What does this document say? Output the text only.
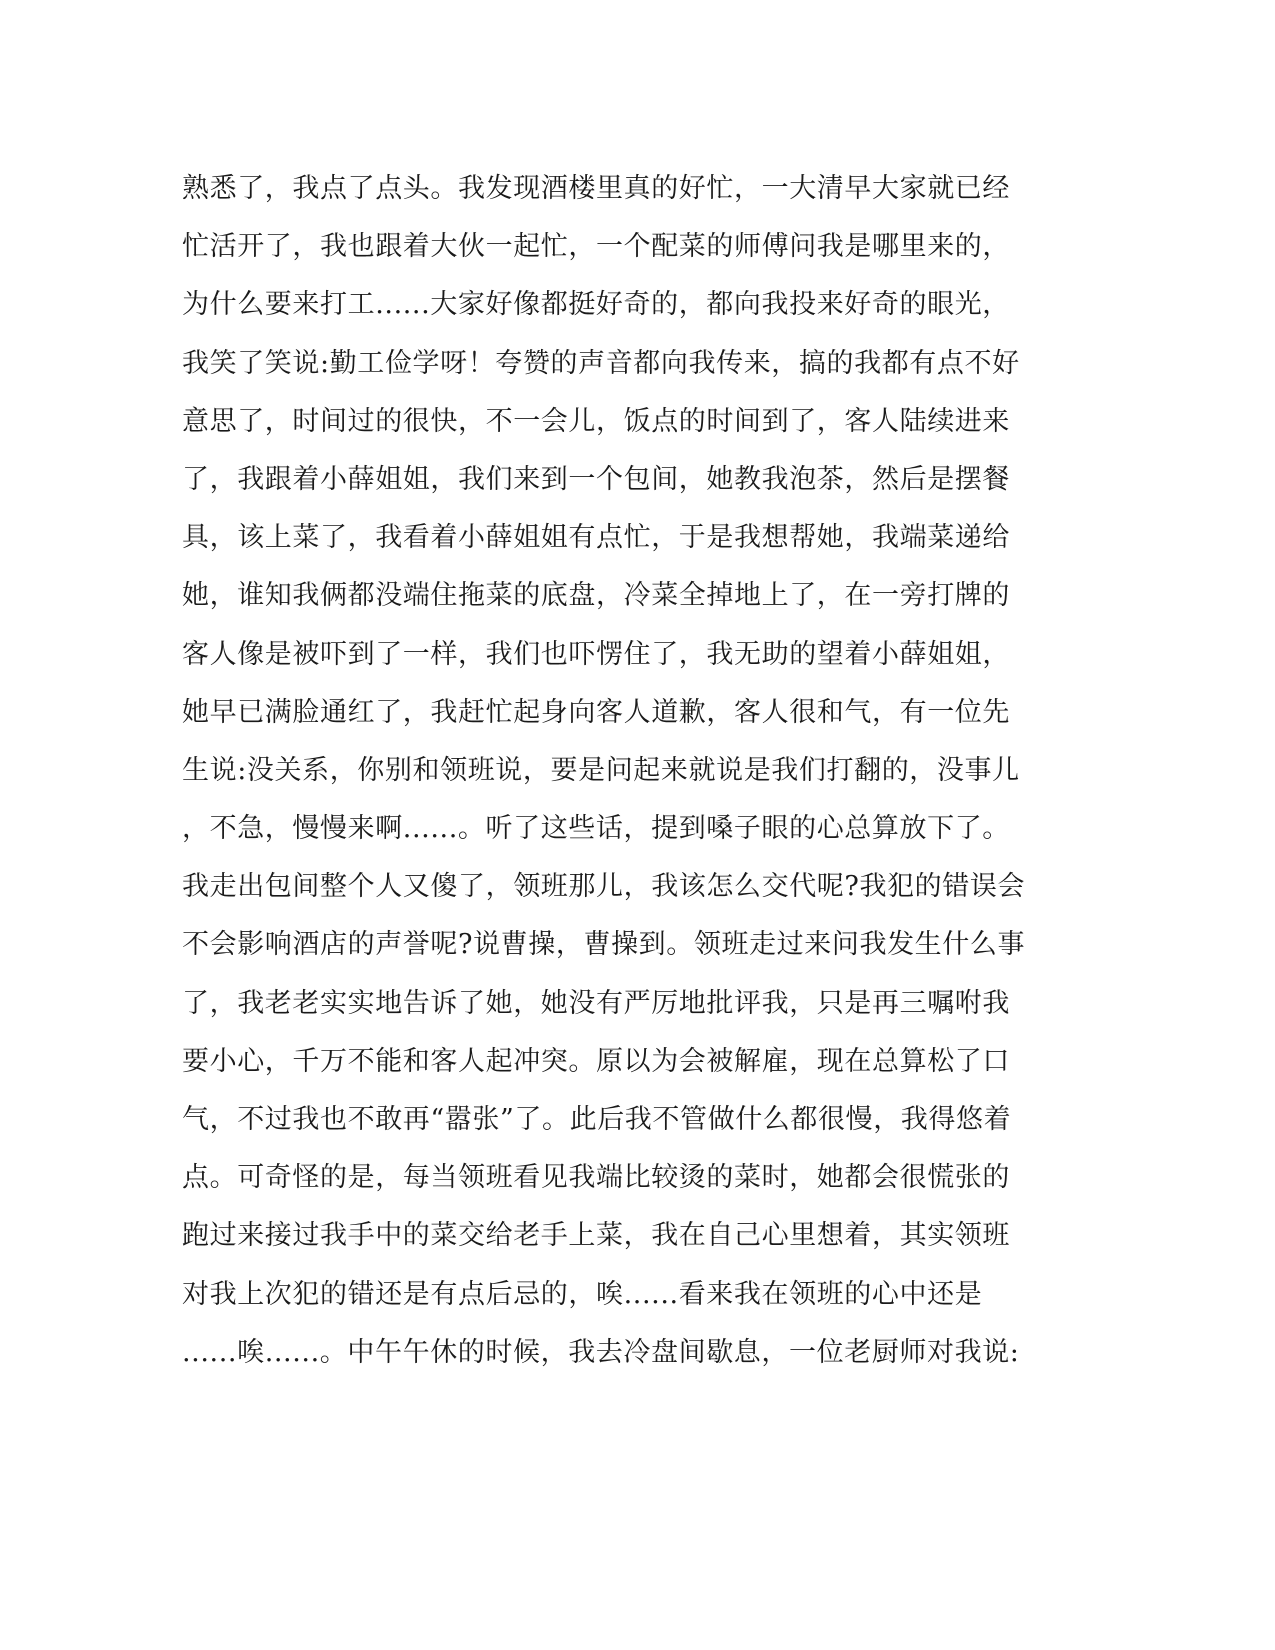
熟悉了，我点了点头。我发现酒楼里真的好忙，一大清早大家就已经
忙活开了，我也跟着大伙一起忙，一个配菜的师傅问我是哪里来的，
为什么要来打工......大家好像都挺好奇的，都向我投来好奇的眼光，
我笑了笑说:勤工俭学呀！夸赞的声音都向我传来，搞的我都有点不好
意思了，时间过的很快，不一会儿，饭点的时间到了，客人陆续进来
了，我跟着小薛姐姐，我们来到一个包间，她教我泡茶，然后是摆餐
具，该上菜了，我看着小薛姐姐有点忙，于是我想帮她，我端菜递给
她，谁知我俩都没端住拖菜的底盘，冷菜全掉地上了，在一旁打牌的
客人像是被吓到了一样，我们也吓愣住了，我无助的望着小薛姐姐，
她早已满脸通红了，我赶忙起身向客人道歉，客人很和气，有一位先
生说:没关系，你别和领班说，要是问起来就说是我们打翻的，没事儿
，不急，慢慢来啊......。听了这些话，提到嗓子眼的心总算放下了。
我走出包间整个人又傻了，领班那儿，我该怎么交代呢?我犯的错误会
不会影响酒店的声誉呢?说曹操，曹操到。领班走过来问我发生什么事
了，我老老实实地告诉了她，她没有严厉地批评我，只是再三嘱咐我
要小心，千万不能和客人起冲突。原以为会被解雇，现在总算松了口
气，不过我也不敢再“嚣张”了。此后我不管做什么都很慢，我得悠着
点。可奇怪的是，每当领班看见我端比较烫的菜时，她都会很慌张的
跑过来接过我手中的菜交给老手上菜，我在自己心里想着，其实领班
对我上次犯的错还是有点后忌的，唉......看来我在领班的心中还是
......唉......。中午午休的时候，我去冷盘间歇息，一位老厨师对我说:
